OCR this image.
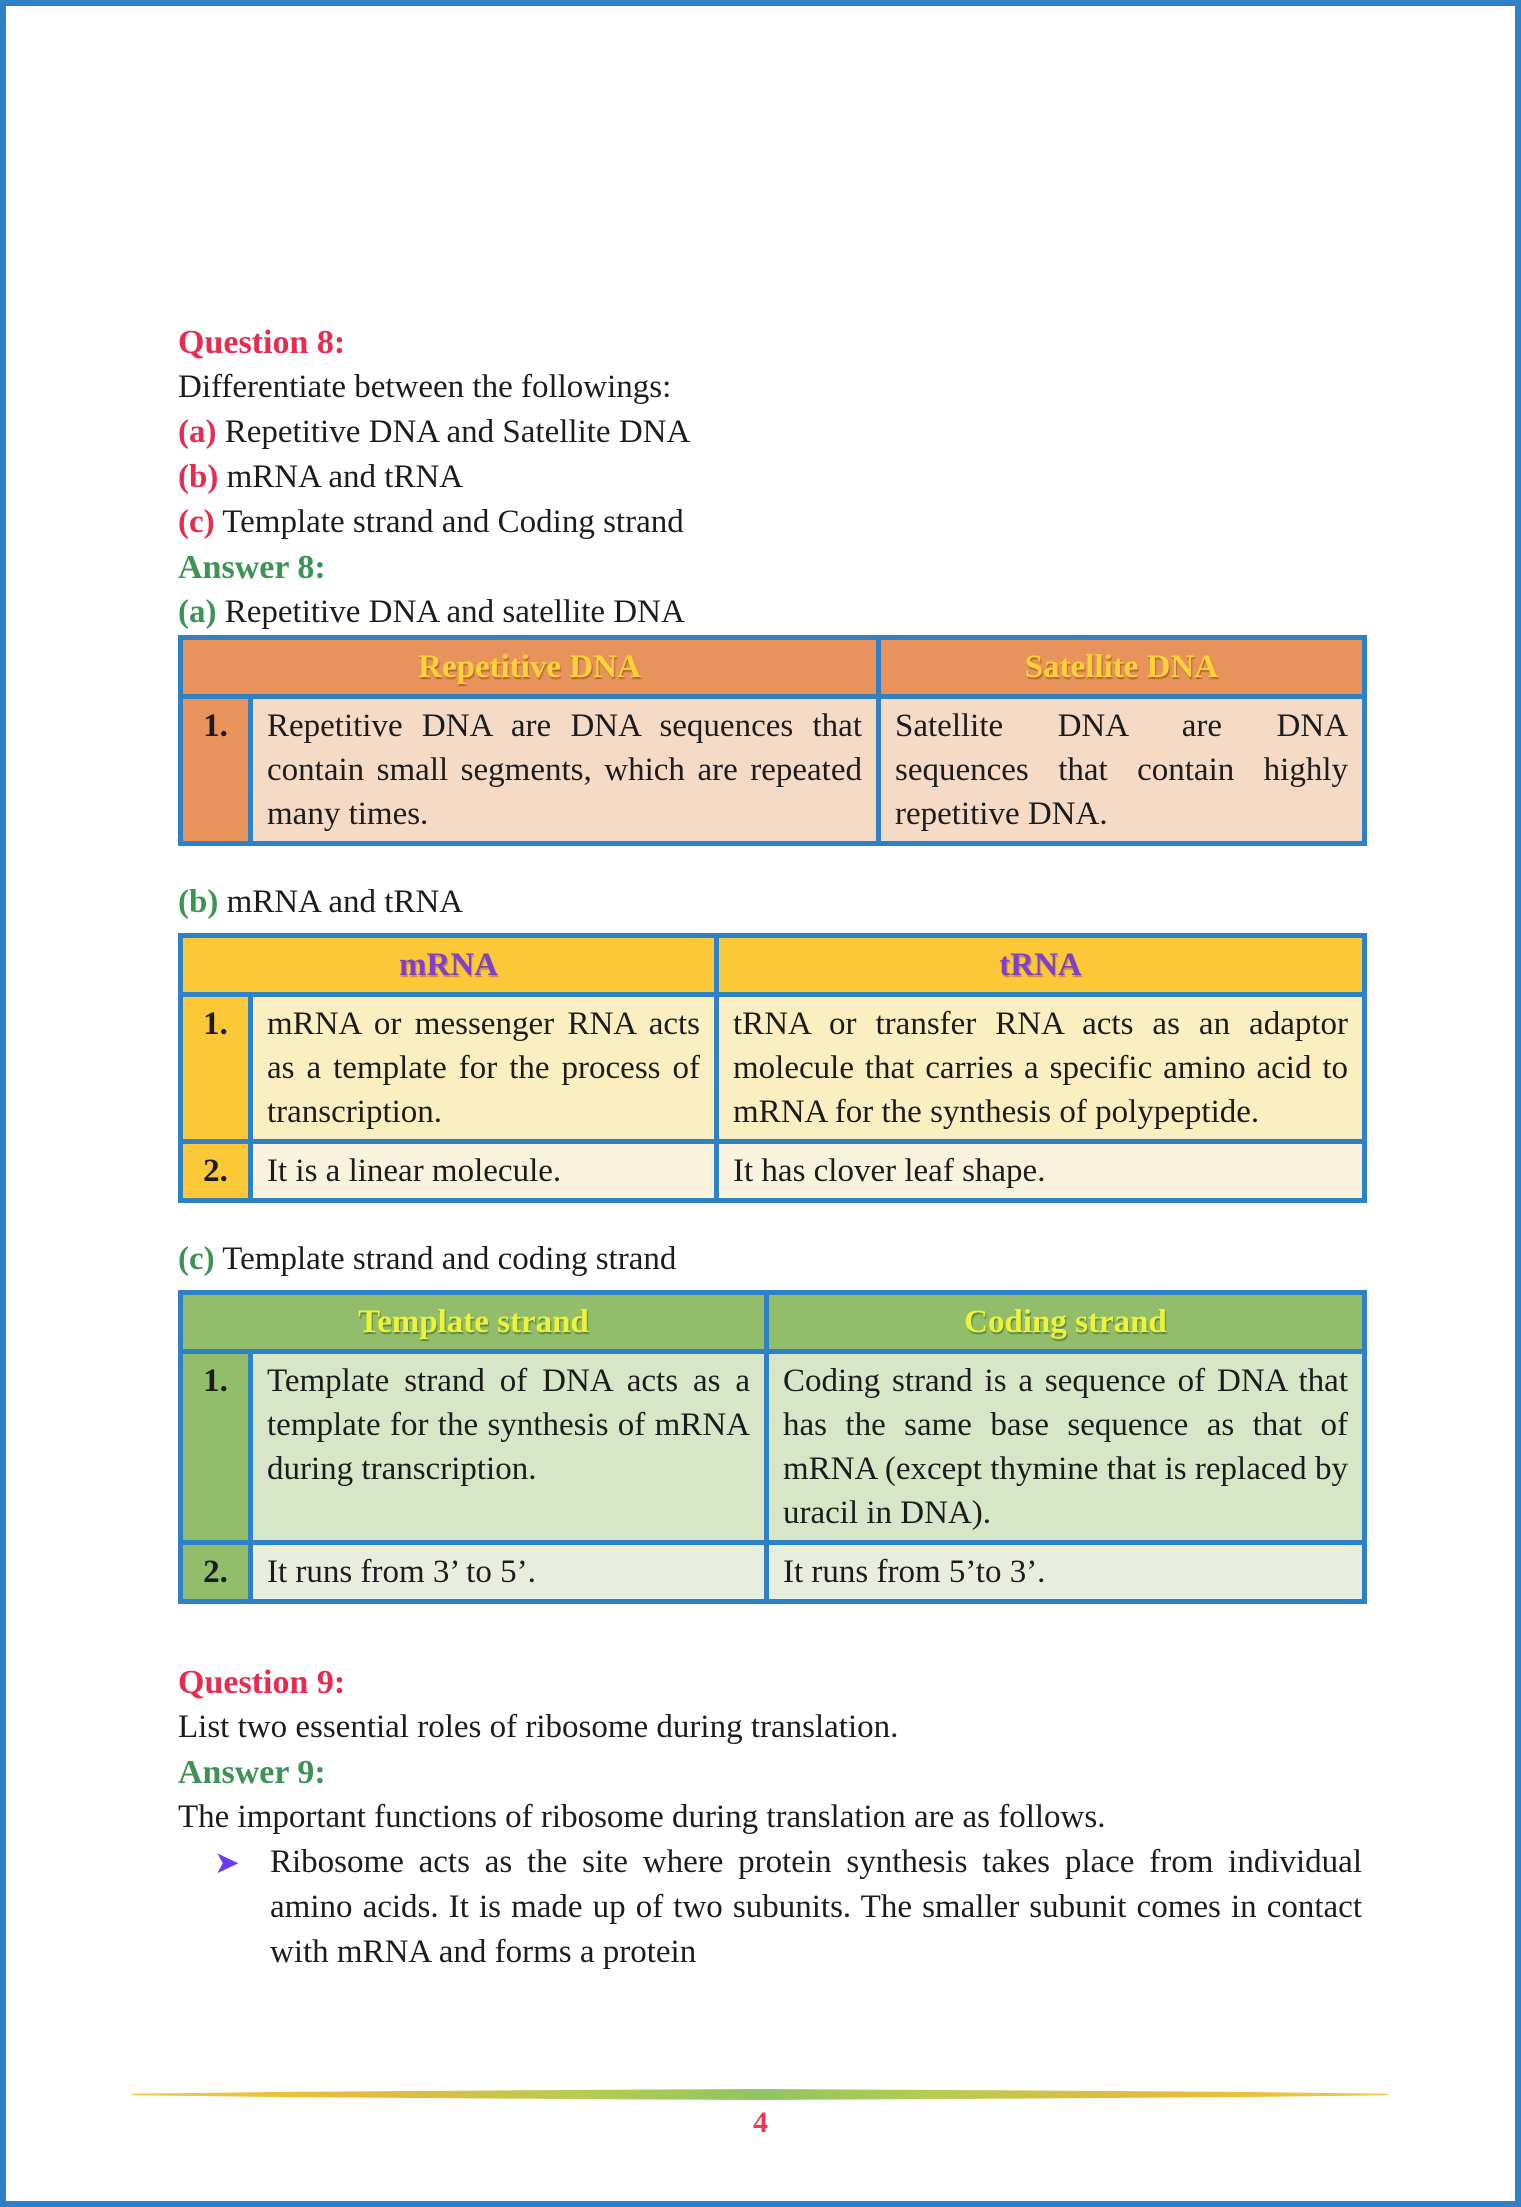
Question 8:
Differentiate between the followings:
(a) Repetitive DNA and Satellite DNA
(b) mRNA and tRNA
(c) Template strand and Coding strand
Answer 8:
(a) Repetitive DNA and satellite DNA
Repetitive DNA		Satellite DNA
1.	Repetitive DNA are DNA sequences that contain small segments, which are repeated many times.	Satellite DNA are DNA sequences that contain highly repetitive DNA.
(b) mRNA and tRNA
mRNA		tRNA
1.	mRNA or messenger RNA acts as a template for the process of transcription.	tRNA or transfer RNA acts as an adaptor molecule that carries a specific amino acid to mRNA for the synthesis of polypeptide.
2.	It is a linear molecule.	It has clover leaf shape.
(c) Template strand and coding strand
Template strand		Coding strand
1.	Template strand of DNA acts as a template for the synthesis of mRNA during transcription.	Coding strand is a sequence of DNA that has the same base sequence as that of mRNA (except thymine that is replaced by uracil in DNA).
2.	It runs from 3’ to 5’.	It runs from 5’to 3’.
Question 9:
List two essential roles of ribosome during translation.
Answer 9:
The important functions of ribosome during translation are as follows.
➤ Ribosome acts as the site where protein synthesis takes place from individual amino acids. It is made up of two subunits. The smaller subunit comes in contact with mRNA and forms a protein
4
